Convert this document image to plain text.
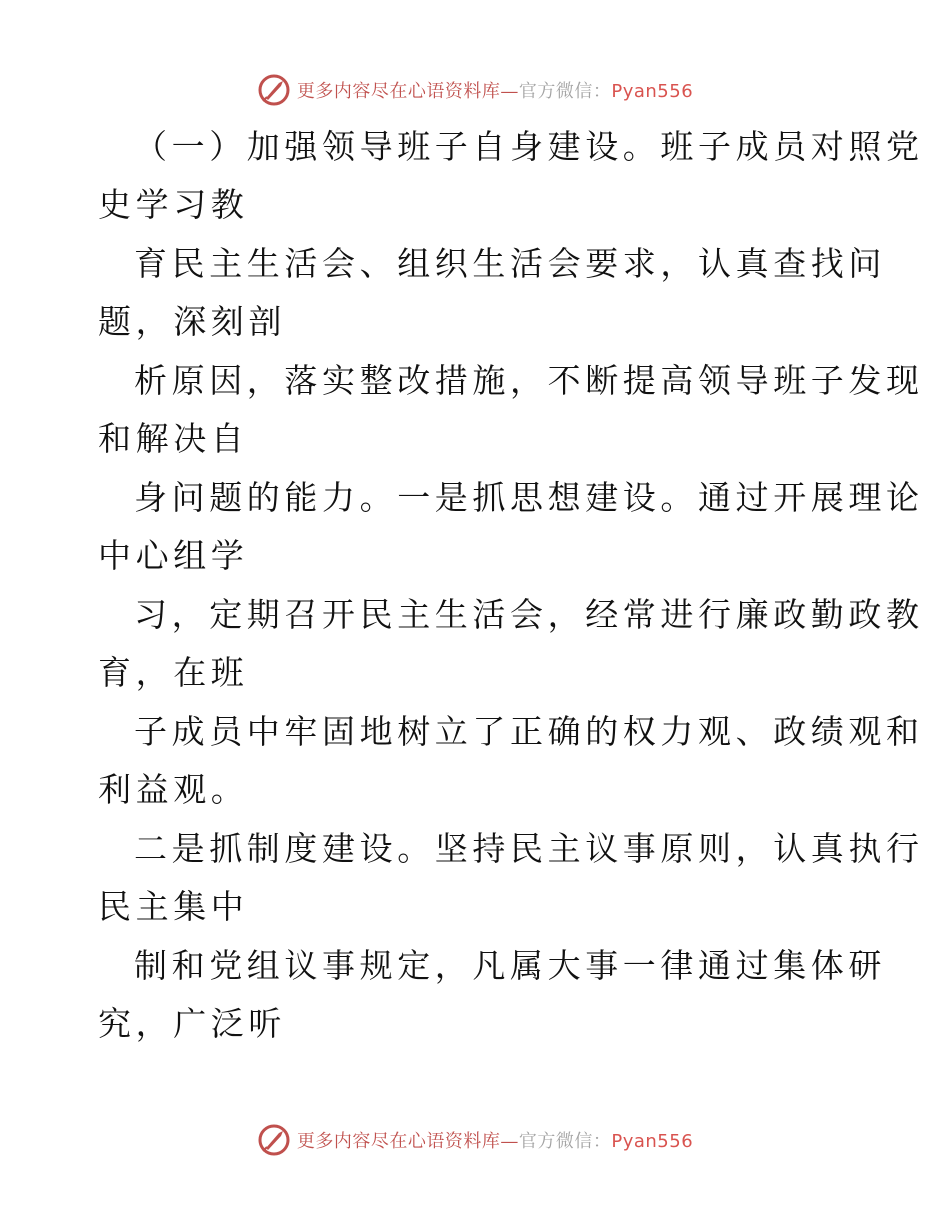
更多内容尽在心语资料库—官方微信：Pyan556
（一）加强领导班子自身建设。班子成员对照党
史学习教
育民主生活会、组织生活会要求，认真查找问
题，深刻剖
析原因，落实整改措施，不断提高领导班子发现
和解决自
身问题的能力。一是抓思想建设。通过开展理论
中心组学
习，定期召开民主生活会，经常进行廉政勤政教
育，在班
子成员中牢固地树立了正确的权力观、政绩观和
利益观。
二是抓制度建设。坚持民主议事原则，认真执行
民主集中
制和党组议事规定，凡属大事一律通过集体研
究，广泛听
更多内容尽在心语资料库—官方微信：Pyan556
